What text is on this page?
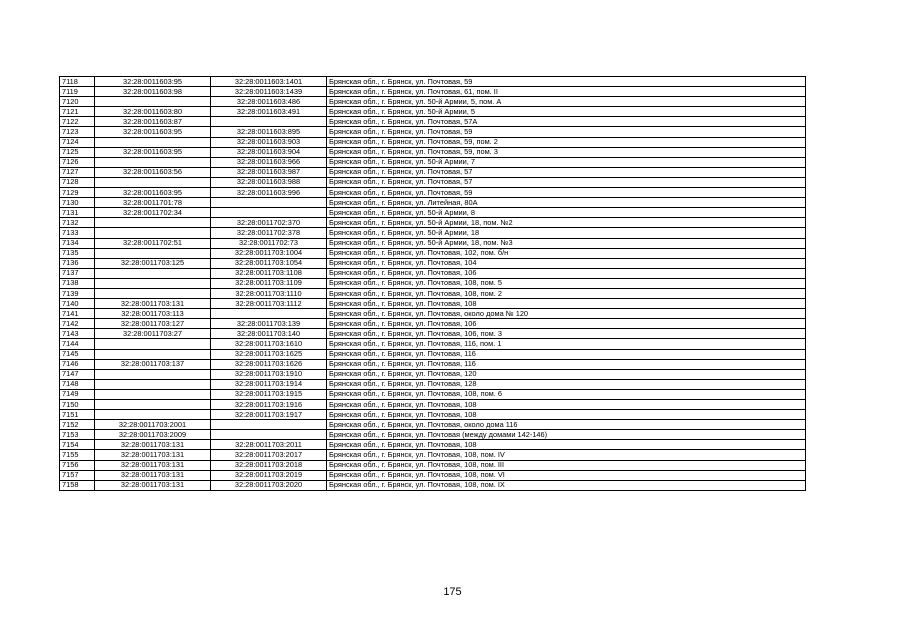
7118	32:28:0011603:95	32:28:0011603:1401	Брянская обл., г. Брянск, ул. Почтовая, 59
7119	32:28:0011603:98	32:28:0011603:1439	Брянская обл., г. Брянск, ул. Почтовая, 61, пом. II
7120		32:28:0011603:486	Брянская обл., г. Брянск, ул. 50-й Армии, 5, пом. А
7121	32:28:0011603:80	32:28:0011603:491	Брянская обл., г. Брянск, ул. 50-й Армии, 5
7122	32:28:0011603:87		Брянская обл., г. Брянск, ул. Почтовая, 57А
7123	32:28:0011603:95	32:28:0011603:895	Брянская обл., г. Брянск, ул. Почтовая, 59
7124		32:28:0011603:903	Брянская обл., г. Брянск, ул. Почтовая, 59, пом. 2
7125	32:28:0011603:95	32:28:0011603:904	Брянская обл., г. Брянск, ул. Почтовая, 59, пом. 3
7126		32:28:0011603:966	Брянская обл., г. Брянск, ул. 50-й Армии, 7
7127	32:28:0011603:56	32:28:0011603:987	Брянская обл., г. Брянск, ул. Почтовая, 57
7128		32:28:0011603:988	Брянская обл., г. Брянск, ул. Почтовая, 57
7129	32:28:0011603:95	32:28:0011603:996	Брянская обл., г. Брянск, ул. Почтовая, 59
7130	32:28:0011701:78		Брянская обл., г. Брянск, ул. Литейная, 80А
7131	32:28:0011702:34		Брянская обл., г. Брянск, ул. 50-й Армии, 8
7132		32:28:0011702:370	Брянская обл., г. Брянск, ул. 50-й Армии, 18, пом. №2
7133		32:28:0011702:378	Брянская обл., г. Брянск, ул. 50-й Армии, 18
7134	32:28:0011702:51	32:28:0011702:73	Брянская обл., г. Брянск, ул. 50-й Армии, 18, пом. №3
7135		32:28:0011703:1004	Брянская обл., г. Брянск, ул. Почтовая, 102, пом. б/н
7136	32:28:0011703:125	32:28:0011703:1054	Брянская обл., г. Брянск, ул. Почтовая, 104
7137		32:28:0011703:1108	Брянская обл., г. Брянск, ул. Почтовая, 106
7138		32:28:0011703:1109	Брянская обл., г. Брянск, ул. Почтовая, 108, пом. 5
7139		32:28:0011703:1110	Брянская обл., г. Брянск, ул. Почтовая, 108, пом. 2
7140	32:28:0011703:131	32:28:0011703:1112	Брянская обл., г. Брянск, ул. Почтовая, 108
7141	32:28:0011703:113		Брянская обл., г. Брянск, ул. Почтовая, около дома № 120
7142	32:28:0011703:127	32:28:0011703:139	Брянская обл., г. Брянск, ул. Почтовая, 106
7143	32:28:0011703:27	32:28:0011703:140	Брянская обл., г. Брянск, ул. Почтовая, 106, пом. 3
7144		32:28:0011703:1610	Брянская обл., г. Брянск, ул. Почтовая, 116, пом. 1
7145		32:28:0011703:1625	Брянская обл., г. Брянск, ул. Почтовая, 116
7146	32:28:0011703:137	32:28:0011703:1626	Брянская обл., г. Брянск, ул. Почтовая, 116
7147		32:28:0011703:1910	Брянская обл., г. Брянск, ул. Почтовая, 120
7148		32:28:0011703:1914	Брянская обл., г. Брянск, ул. Почтовая, 128
7149		32:28:0011703:1915	Брянская обл., г. Брянск, ул. Почтовая, 108, пом. 6
7150		32:28:0011703:1916	Брянская обл., г. Брянск, ул. Почтовая, 108
7151		32:28:0011703:1917	Брянская обл., г. Брянск, ул. Почтовая, 108
7152	32:28:0011703:2001		Брянская обл., г. Брянск, ул. Почтовая, около дома 116
7153	32:28:0011703:2009		Брянская обл., г. Брянск, ул. Почтовая (между домами 142-146)
7154	32:28:0011703:131	32:28:0011703:2011	Брянская обл., г. Брянск, ул. Почтовая, 108
7155	32:28:0011703:131	32:28:0011703:2017	Брянская обл., г. Брянск, ул. Почтовая, 108, пом. IV
7156	32:28:0011703:131	32:28:0011703:2018	Брянская обл., г. Брянск, ул. Почтовая, 108, пом. III
7157	32:28:0011703:131	32:28:0011703:2019	Брянская обл., г. Брянск, ул. Почтовая, 108, пом. VI
7158	32:28:0011703:131	32:28:0011703:2020	Брянская обл., г. Брянск, ул. Почтовая, 108, пом. IX
175
